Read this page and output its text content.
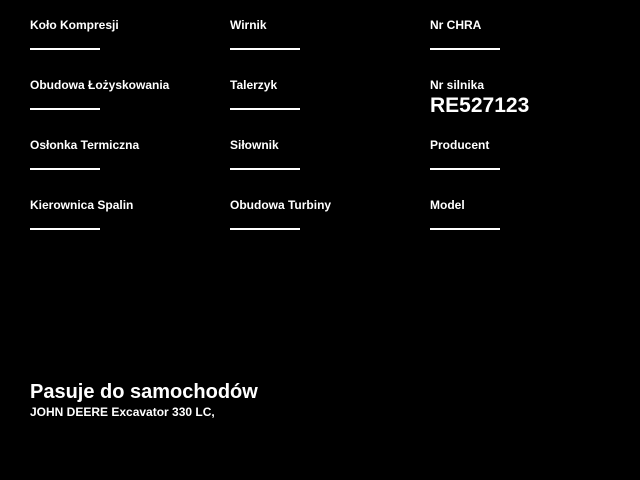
Koło Kompresji
Obudowa Łożyskowania
Osłonka Termiczna
Kierownica Spalin
Wirnik
Talerzyk
Siłownik
Obudowa Turbiny
Nr CHRA
Nr silnika
RE527123
Producent
Model
Pasuje do samochodów
JOHN DEERE Excavator 330 LC,
